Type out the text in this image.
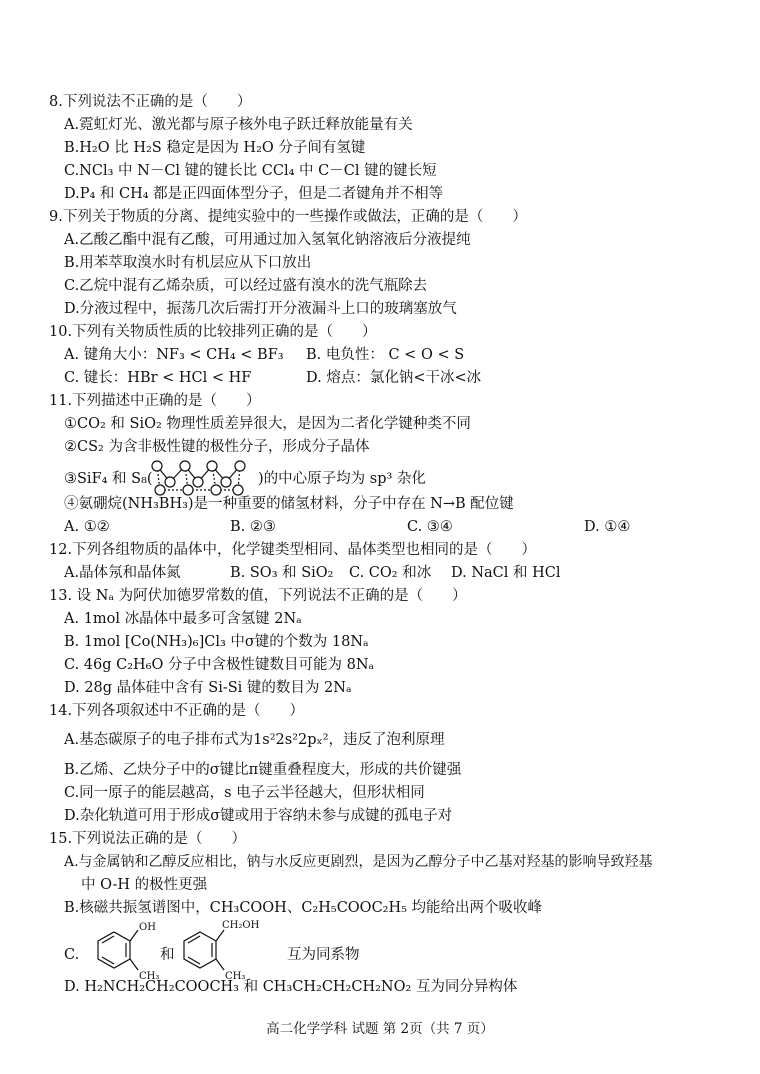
8.下列说法不正确的是（　　）
A.霓虹灯光、激光都与原子核外电子跃迁释放能量有关
B.H₂O 比 H₂S 稳定是因为 H₂O 分子间有氢键
C.NCl₃ 中 N－Cl 键的键长比 CCl₄ 中 C－Cl 键的键长短
D.P₄ 和 CH₄ 都是正四面体型分子，但是二者键角并不相等
9.下列关于物质的分离、提纯实验中的一些操作或做法，正确的是（　　）
A.乙酸乙酯中混有乙酸，可用通过加入氢氧化钠溶液后分液提纯
B.用苯萃取溴水时有机层应从下口放出
C.乙烷中混有乙烯杂质，可以经过盛有溴水的洗气瓶除去
D.分液过程中，振荡几次后需打开分液漏斗上口的玻璃塞放气
10.下列有关物质性质的比较排列正确的是（　　）
A. 键角大小：NF₃ < CH₄ < BF₃ B. 电负性： C < O < S
C. 键长：HBr < HCl < HF	D. 熔点：氯化钠<干冰<冰
11.下列描述中正确的是（　　）
①CO₂ 和 SiO₂ 物理性质差异很大，是因为二者化学键种类不同
②CS₂ 为含非极性键的极性分子，形成分子晶体
③SiF₄ 和 S₈(	)的中心原子均为 sp³ 杂化
④氨硼烷(NH₃BH₃)是一种重要的储氢材料，分子中存在 N→B 配位键
A. ①②	B. ②③	C. ③④	D. ①④
12.下列各组物质的晶体中，化学键类型相同、晶体类型也相同的是（　　）
A.晶体氖和晶体氮	B. SO₃ 和 SiO₂ C. CO₂ 和冰 D. NaCl 和 HCl
13. 设 Nₐ 为阿伏加德罗常数的值，下列说法不正确的是（　　）
A. 1mol 冰晶体中最多可含氢键 2Nₐ
B. 1mol [Co(NH₃)₆]Cl₃ 中σ键的个数为 18Nₐ
C. 46g C₂H₆O 分子中含极性键数目可能为 8Nₐ
D. 28g 晶体硅中含有 Si-Si 键的数目为 2Nₐ
14.下列各项叙述中不正确的是（　　）
A.基态碳原子的电子排布式为1s²2s²2pₓ²，违反了泡利原理
B.乙烯、乙炔分子中的σ键比π键重叠程度大，形成的共价键强
C.同一原子的能层越高，s 电子云半径越大，但形状相同
D.杂化轨道可用于形成σ键或用于容纳未参与成键的孤电子对
15.下列说法正确的是（　　）
A.与金属钠和乙醇反应相比，钠与水反应更剧烈，是因为乙醇分子中乙基对羟基的影响导致羟基
中 O-H 的极性更强
B.核磁共振氢谱图中，CH₃COOH、C₂H₅COOC₂H₅ 均能给出两个吸收峰
C.
OH
CH₃
和
CH₂OH
CH₃
互为同系物
D. H₂NCH₂CH₂COOCH₃ 和 CH₃CH₂CH₂CH₂NO₂ 互为同分异构体
高二化学学科 试题 第 2页（共 7 页）
